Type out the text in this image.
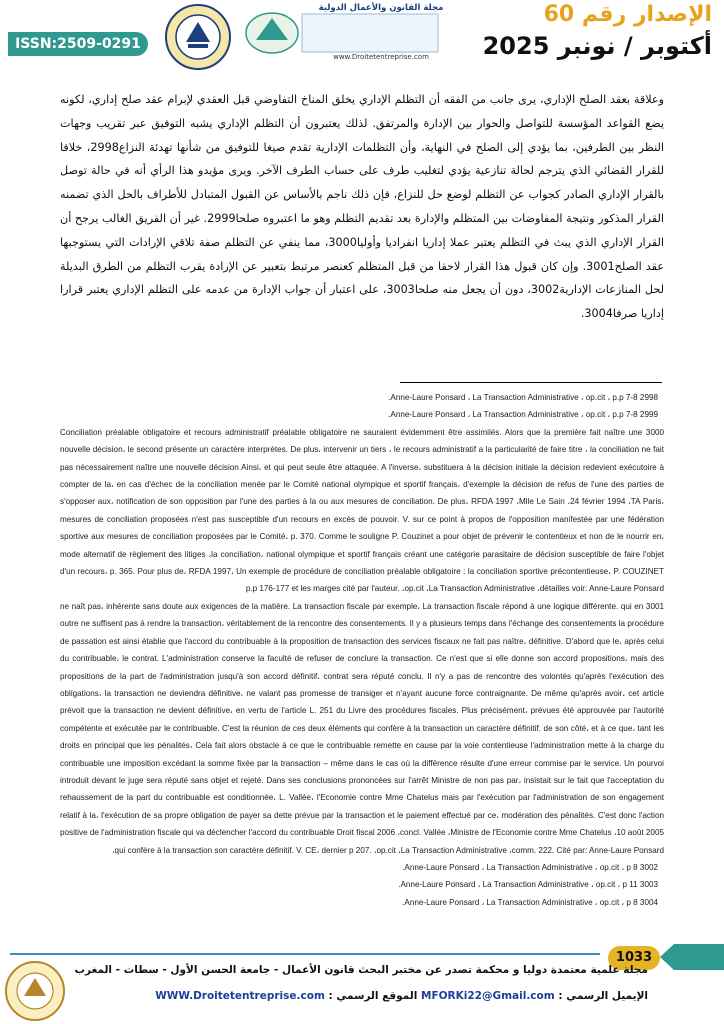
ISSN:2509-0291
مجلة القانون والأعمال الدولية
www.Droitetentreprise.com
الإصدار رقم 60
أكتوبر / نونبر 2025

وعلاقة بعقد الصلح الإداري، يرى جانب من الفقه أن التظلم الإداري يخلق المناخ التفاوضي قبل العقدي لإبرام عقد صلح إداري، لكونه يضع القواعد المؤسسة للتواصل والحوار بين الإدارة والمرتفق. لذلك يعتبرون أن التظلم الإداري يشبه التوفيق عبر تقريب وجهات النظر بين الطرفين، بما يؤدي إلى الصلح في النهاية، وأن التظلمات الإدارية تقدم صيغا للتوفيق من شأنها تهدئة النزاع2998، خلافا للقرار القضائي الذي يترجم لحالة تنازعية يؤدي لتغليب طرف على حساب الطرف الآخر. ويرى مؤيدو هذا الرأي أنه في حالة توصل بالقرار الإداري الصادر كجواب عن التظلم لوضع حل للنزاع، فإن ذلك ناجم بالأساس عن القبول المتبادل للأطراف بالحل الذي تضمنه القرار المذكور ونتيجة المفاوضات بين المتظلم والإدارة بعد تقديم التظلم وهو ما اعتبروه صلحا2999. غير أن الفريق الغالب يرجح أن القرار الإداري الذي يبث في التظلم يعتبر عملا إداريا انفراديا وأوليا3000، مما ينفي عن التظلم صفة تلاقي الإرادات التي يستوجبها عقد الصلح3001. وإن كان قبول هذا القرار لاحقا من قبل المتظلم كعنصر مرتبط بتعبير عن الإرادة يقرب التظلم من الطرق البديلة لحل المنازعات الإدارية3002، دون أن يجعل منه صلحا3003، على اعتبار أن جواب الإدارة من عدمه على التظلم الإداري يعتبر قرارا إداريا صرفا3004.

2998 Anne-Laure Ponsard ، La Transaction Administrative ، op.cit ، p.p 7-8.

2999 Anne-Laure Ponsard ، La Transaction Administrative ، op.cit ، p.p 7-8.

3000 Conciliation préalable obligatoire et recours administratif préalable obligatoire ne sauraient évidemment être assimilés. Alors que la première fait naître une nouvelle décision، le second présente un caractère interprètes. De plus، intervenir un tiers ، le recours administratif a la particularité de faire titre ، la conciliation ne fait pas nécessairement naître une nouvelle décision Ainsi، et qui peut seule être attaquée. A l'inverse، substituera à la décision initiale la décision redevient exécutoire à compter de la، en cas d'échec de la conciliation menée par le Comité national olympique et sportif français، d'exemple la décision de refus de l'une des parties de s'opposer aux، notification de son opposition par l'une des parties à la ou aux mesures de conciliation. De plus، RFDA 1997 ،Mlle Le Sain ،24 février 1994 ،TA Paris، mesures de conciliation proposées n'est pas susceptible d'un recours en excès de pouvoir. V. sur ce point à propos de l'opposition manifestée par une fédération sportive aux mesures de conciliation proposées par le Comité، p. 370. Comme le souligne P. Couzinet a pour objet de prévenir le contentieux et non de le nourrir en، mode alternatif de règlement des litiges ،la conciliation، national olympique et sportif français créant une catégorie parasitaire de décision susceptible de faire l'objet d'un recours، p. 365. Pour plus de، RFDA 1997، Un exemple de procédure de conciliation préalable obligatoire : la conciliation sportive précontentieuse، P. COUZINET p.p 176-177 et les marges cité par l'auteur. ،op.cit ،La Transaction Administrative ،détailles voir: Anne-Laure Ponsard

3001 ne naît pas، inhérente sans doute aux exigences de la matière. La transaction fiscale par exemple، La transaction fiscale répond à une logique différente. qui en outre ne suffisent pas à rendre la transaction، véritablement de la rencontre des consentements. Il y a plusieurs temps dans l'échange des consentements la procédure de passation est ainsi établie que l'accord du contribuable à la proposition de transaction des services fiscaux ne fait pas naître، définitive. D'abord que le، après celui du contribuable، le contrat. L'administration conserve la faculté de refuser de conclure la transaction. Ce n'est que si elle donne son accord propositions، mais des propositions de la part de l'administration jusqu'à son accord définitif، contrat sera réputé conclu. Il n'y a pas de rencontre des volontés qu'après l'exécution des obligations، la transaction ne deviendra définitive، ne valant pas promesse de transiger et n'ayant aucune force contraignante. De même qu'après avoir، cet article prévoit que la transaction ne devient définitive، en vertu de l'article L. 251 du Livre des procédures fiscales. Plus précisément، prévues été approuvée par l'autorité compétente et exécutée par le contribuable. C'est la réunion de ces deux éléments qui confère à la transaction un caractère définitif. de son côté، et à ce que، tant les droits en principal que les pénalités، Cela fait alors obstacle à ce que le contribuable remette en cause par la voie contentieuse l'administration mette à la charge du contribuable une imposition excédant la somme fixée par la transaction – même dans le cas où la différence résulte d'une erreur commise par le service. Un pourvoi introduit devant le juge sera réputé sans objet et rejeté. Dans ses conclusions prononcées sur l'arrêt Ministre de non pas par، insistait sur le fait que l'acceptation du rehaussement de la part du contribuable est conditionnée، L. Vallée، l'Economie contre Mme Chatelus mais par l'exécution par l'administration de son engagement relatif à la، l'exécution de sa propre obligation de payer sa dette prévue par la transaction et le paiement effectué par ce، modération des pénalités. C'est donc l'action positive de l'administration fiscale qui va déclencher l'accord du contribuable Droit fiscal 2006 ،concl. Vallée ،Ministre de l'Economie contre Mme Chatelus ،10 août 2005 ،qui confère à la transaction son caractère définitif. V. CE، dernier p 207. ،op.cit ،La Transaction Administrative ،comm. 222. Cité par: Anne-Laure Ponsard

3002 Anne-Laure Ponsard ، La Transaction Administrative ، op.cit ، p 8.

3003 Anne-Laure Ponsard ، La Transaction Administrative ، op.cit ، p 11.

3004 Anne-Laure Ponsard ، La Transaction Administrative ، op.cit ، p 8.

1033
مجلة علمية معتمدة دوليا و محكمة تصدر عن مختبر البحث قانون الأعمال - جامعة الحسن الأول - سطات - المغرب
الإيميل الرسمي : MFORKi22@Gmail.com الموقع الرسمي : WWW.Droitetentreprise.com
